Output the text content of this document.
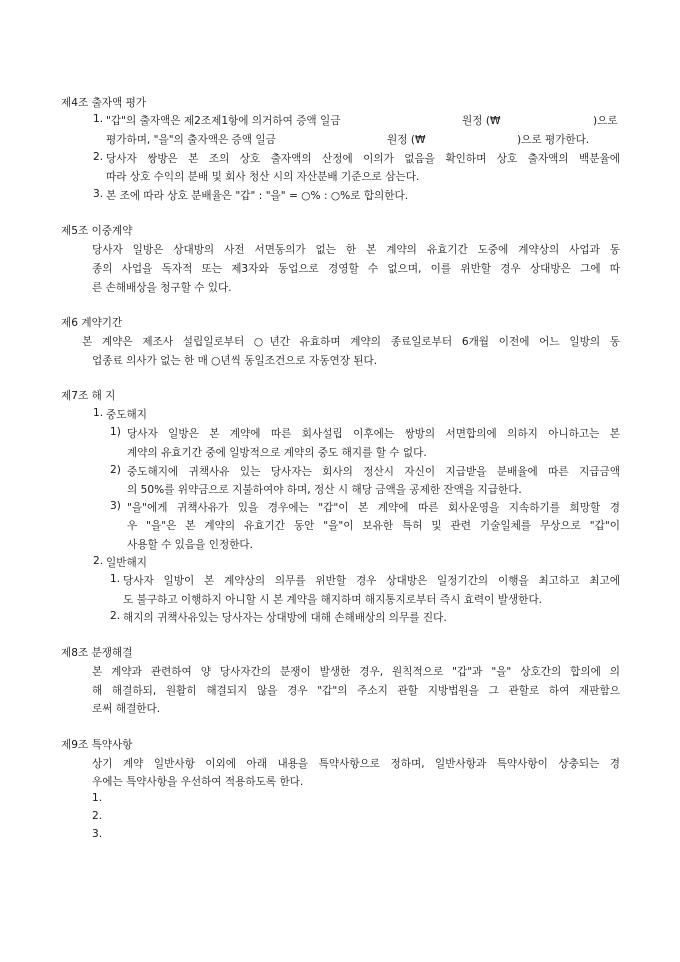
제4조 출자액 평가
1. "갑"의 출자액은 제2조제1항에 의거하여 증액 일금	원정 (₩	)으로
평가하며, "을"의 출자액은 증액 일금	원정 (₩	)으로 평가한다.
2. 당사자 쌍방은 본 조의 상호 출자액의 산정에 이의가 없음을 확인하며 상호 출자액의 백분율에
따라 상호 수익의 분배 및 회사 청산 시의 자산분배 기준으로 삼는다.
3. 본 조에 따라 상호 분배율은 "갑" : "을" = ○% : ○%로 합의한다.
제5조 이중계약
당사자 일방은 상대방의 사전 서면동의가 없는 한 본 계약의 유효기간 도중에 계약상의 사업과 동
종의 사업을 독자적 또는 제3자와 동업으로 경영할 수 없으며, 이를 위반할 경우 상대방은 그에 따
른 손해배상을 청구할 수 있다.
제6 계약기간
본 계약은 제조사 설립일로부터 ○년간 유효하며 계약의 종료일로부터 6개월 이전에 어느 일방의 동
업종료 의사가 없는 한 매 ○년씩 동일조건으로 자동연장 된다.
제7조 해 지
1. 중도해지
1) 당사자 일방은 본 계약에 따른 회사설립 이후에는 쌍방의 서면합의에 의하지 아니하고는 본
계약의 유효기간 중에 일방적으로 계약의 중도 해지를 할 수 없다.
2) 중도해지에 귀책사유 있는 당사자는 회사의 정산시 자신이 지급받을 분배율에 따른 지급금액
의 50%를 위약금으로 지불하여야 하며, 정산 시 해당 금액을 공제한 잔액을 지급한다.
3) "을"에게 귀책사유가 있을 경우에는 "갑"이 본 계약에 따른 회사운영을 지속하기를 희망할 경
우 "을"은 본 계약의 유효기간 동안 "을"이 보유한 특허 및 관련 기술일체를 무상으로 "갑"이
사용할 수 있음을 인정한다.
2. 일반해지
1. 당사자 일방이 본 계약상의 의무를 위반할 경우 상대방은 일정기간의 이행을 최고하고 최고에
도 불구하고 이행하지 아니할 시 본 계약을 해지하며 해지통지로부터 즉시 효력이 발생한다.
2. 해지의 귀책사유있는 당사자는 상대방에 대해 손해배상의 의무를 진다.
제8조 분쟁해결
본 계약과 관련하여 양 당사자간의 분쟁이 발생한 경우, 원칙적으로 "갑"과 "을" 상호간의 합의에 의
해 해결하되, 원활히 해결되지 않을 경우 "갑"의 주소지 관할 지방법원을 그 관할로 하여 재판함으
로써 해결한다.
제9조 특약사항
상기 계약 일반사항 이외에 아래 내용을 특약사항으로 정하며, 일반사항과 특약사항이 상충되는 경
우에는 특약사항을 우선하여 적용하도록 한다.
1.
2.
3.
